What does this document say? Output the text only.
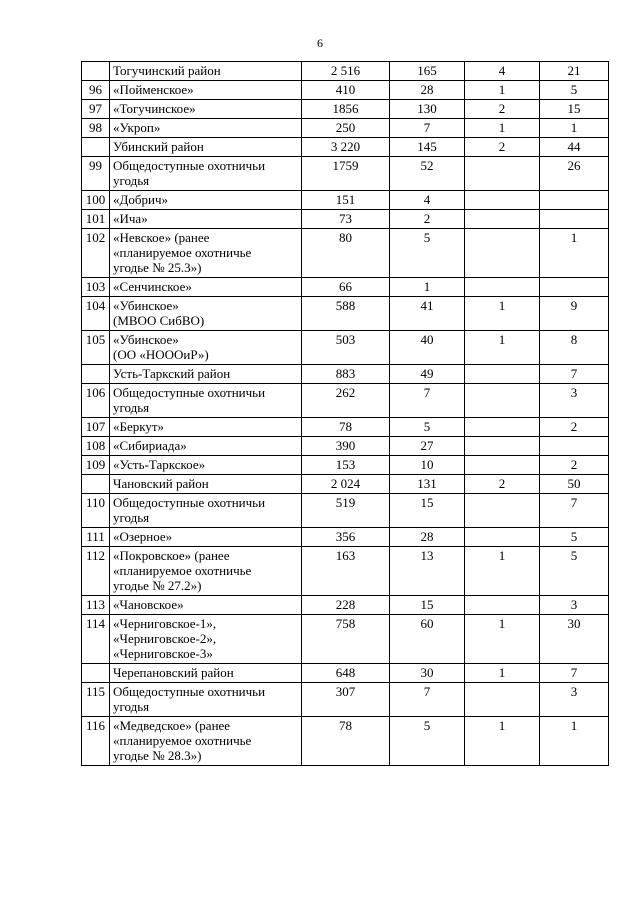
6
	Тогучинский район	2 516	165	4	21
96	«Пойменское»	410	28	1	5
97	«Тогучинское»	1856	130	2	15
98	«Укроп»	250	7	1	1
	Убинский район	3 220	145	2	44
99	Общедоступные охотничьи
угодья	1759	52		26
100	«Добрич»	151	4		
101	«Ича»	73	2		
102	«Невское» (ранее
«планируемое охотничье
угодье № 25.3»)	80	5		1
103	«Сенчинское»	66	1		
104	«Убинское»
(МВОО СибВО)	588	41	1	9
105	«Убинское»
(ОО «НОООиР»)	503	40	1	8
	Усть-Таркский район	883	49		7
106	Общедоступные охотничьи
угодья	262	7		3
107	«Беркут»	78	5		2
108	«Сибириада»	390	27		
109	«Усть-Таркское»	153	10		2
	Чановский район	2 024	131	2	50
110	Общедоступные охотничьи
угодья	519	15		7
111	«Озерное»	356	28		5
112	«Покровское» (ранее
«планируемое охотничье
угодье № 27.2»)	163	13	1	5
113	«Чановское»	228	15		3
114	«Черниговское-1»,
«Черниговское-2»,
«Черниговское-3»	758	60	1	30
	Черепановский район	648	30	1	7
115	Общедоступные охотничьи
угодья	307	7		3
116	«Медведское» (ранее
«планируемое охотничье
угодье № 28.3»)	78	5	1	1
